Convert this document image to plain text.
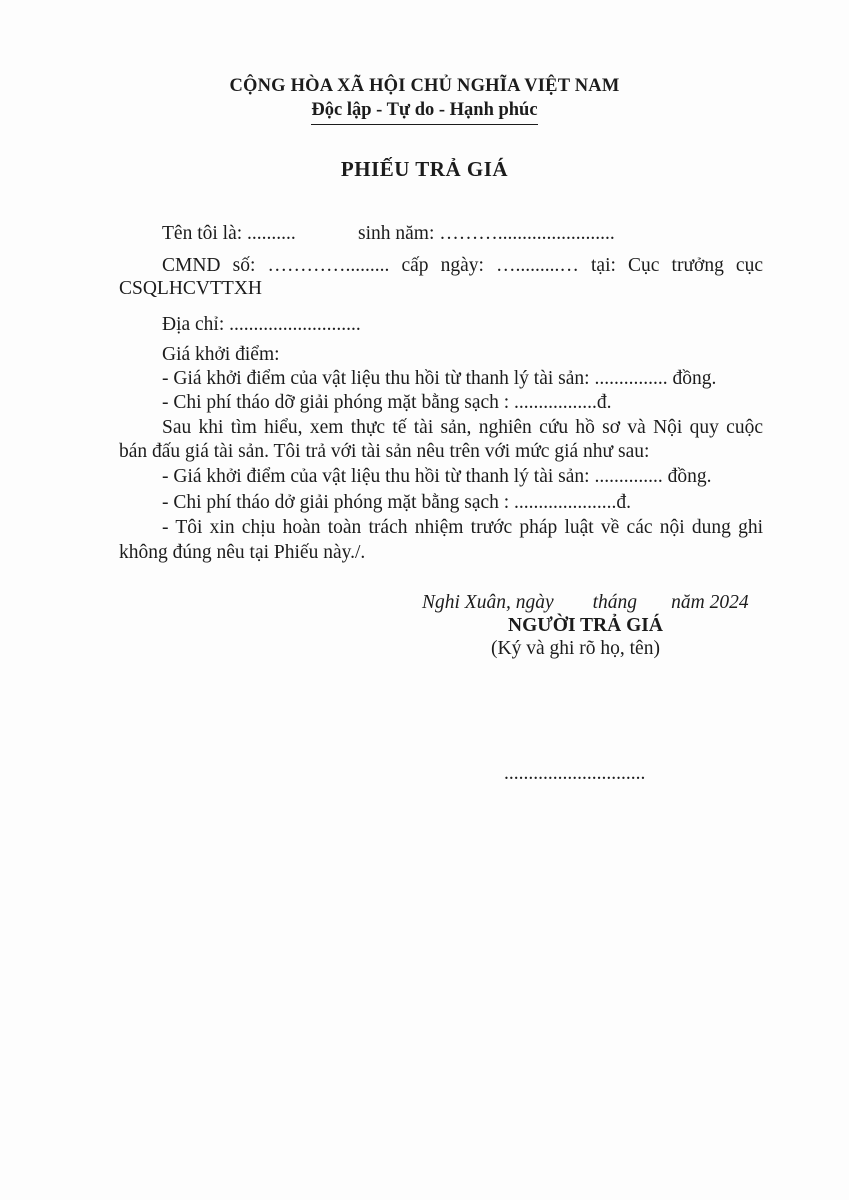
CỘNG HÒA XÃ HỘI CHỦ NGHĨA VIỆT NAM
Độc lập - Tự do - Hạnh phúc
PHIẾU TRẢ GIÁ
Tên tôi là: ..........	sinh năm: ………........................
CMND số: …………......... cấp ngày: ….........… tại: Cục trưởng cục
CSQLHCVTTXH
Địa chỉ: ...........................
Giá khởi điểm:
- Giá khởi điểm của vật liệu thu hồi từ thanh lý tài sản: ............... đồng.
- Chi phí tháo dỡ giải phóng mặt bằng sạch : .................đ.
Sau khi tìm hiểu, xem thực tế tài sản, nghiên cứu hồ sơ và Nội quy cuộc
bán đấu giá tài sản. Tôi trả với tài sản nêu trên với mức giá như sau:
- Giá khởi điểm của vật liệu thu hồi từ thanh lý tài sản: .............. đồng.
- Chi phí tháo dở giải phóng mặt bằng sạch : .....................đ.
- Tôi xin chịu hoàn toàn trách nhiệm trước pháp luật về các nội dung ghi
không đúng nêu tại Phiếu này./.
Nghi Xuân, ngày        tháng       năm 2024
NGƯỜI TRẢ GIÁ
(Ký và ghi rõ họ, tên)
.............................
